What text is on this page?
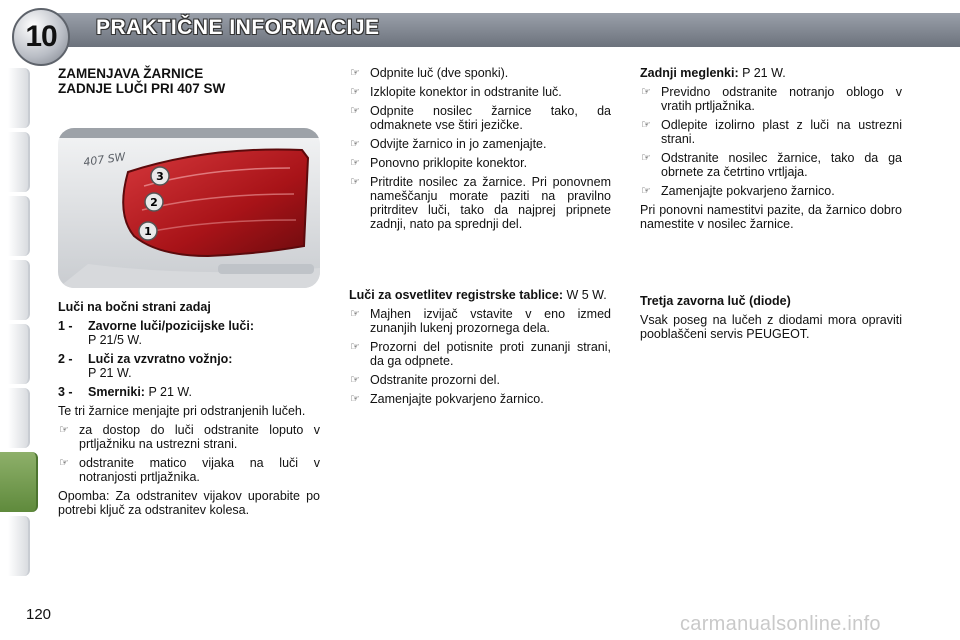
10 PRAKTIČNE INFORMACIJE
ZAMENJAVA ŽARNICE
ZADNJE LUČI PRI 407 SW
407 SW
3
2
1

Luči na bočni strani zadaj

1 - Zavorne luči/pozicijske luči:
P 21/5 W.
2 - Luči za vzvratno vožnjo:
P 21 W.
3 - Smerniki: P 21 W.

Te tri žarnice menjajte pri odstranjenih lučeh.

☞ za dostop do luči odstranite loputo v prtljažniku na ustrezni strani.
☞ odstranite matico vijaka na luči v notranjosti prtljažnika.

Opomba: Za odstranitev vijakov uporabite po potrebi ključ za odstranitev kolesa.

☞ Odpnite luč (dve sponki).
☞ Izklopite konektor in odstranite luč.
☞ Odpnite nosilec žarnice tako, da odmaknete vse štiri jezičke.
☞ Odvijte žarnico in jo zamenjajte.
☞ Ponovno priklopite konektor.
☞ Pritrdite nosilec za žarnice. Pri ponovnem nameščanju morate paziti na pravilno pritrditev luči, tako da najprej pripnete zadnji, nato pa sprednji del.

Luči za osvetlitev registrske tablice: W 5 W.

☞ Majhen izvijač vstavite v eno izmed zunanjih lukenj prozornega dela.
☞ Prozorni del potisnite proti zunanji strani, da ga odpnete.
☞ Odstranite prozorni del.
☞ Zamenjajte pokvarjeno žarnico.

Zadnji meglenki: P 21 W.

☞ Previdno odstranite notranjo oblogo v vratih prtljažnika.
☞ Odlepite izolirno plast z luči na ustrezni strani.
☞ Odstranite nosilec žarnice, tako da ga obrnete za četrtino vrtljaja.
☞ Zamenjajte pokvarjeno žarnico.

Pri ponovni namestitvi pazite, da žarnico dobro namestite v nosilec žarnice.

Tretja zavorna luč (diode)

Vsak poseg na lučeh z diodami mora opraviti pooblaščeni servis PEUGEOT.

120	carmanualsonline.info
